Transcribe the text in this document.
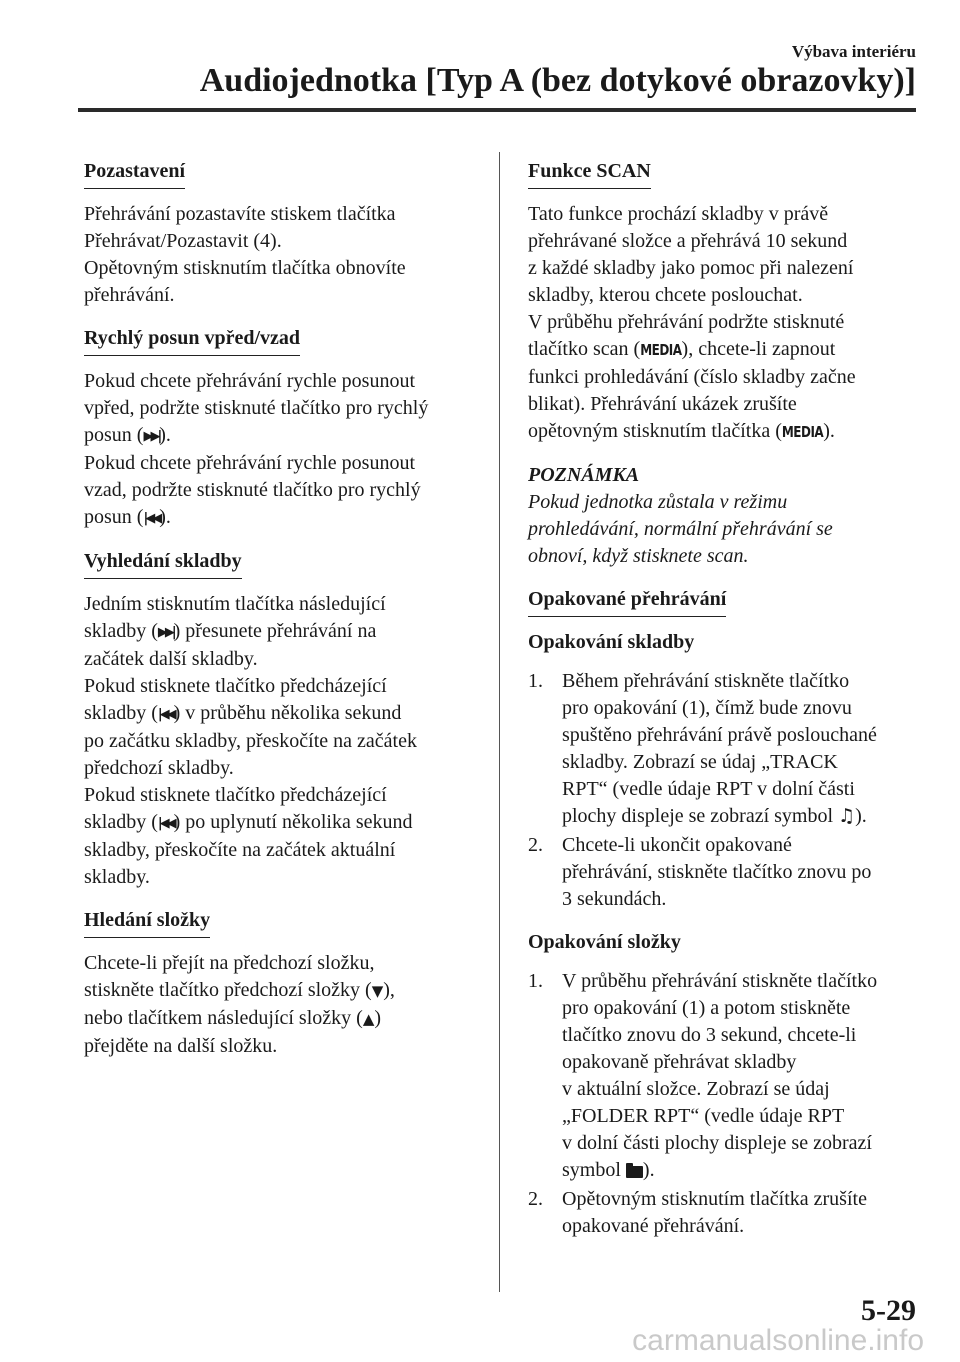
Výbava interiéru
Audiojednotka [Typ A (bez dotykové obrazovky)]
Pozastavení

Přehrávání pozastavíte stiskem tlačítka
Přehrávat/Pozastavit (4).
Opětovným stisknutím tlačítka obnovíte
přehrávání.

Rychlý posun vpřed/vzad

Pokud chcete přehrávání rychle posunout
vpřed, podržte stisknuté tlačítko pro rychlý
posun (▶▶|).
Pokud chcete přehrávání rychle posunout
vzad, podržte stisknuté tlačítko pro rychlý
posun (|◀◀).

Vyhledání skladby

Jedním stisknutím tlačítka následující
skladby (▶▶|) přesunete přehrávání na
začátek další skladby.
Pokud stisknete tlačítko předcházející
skladby (|◀◀) v průběhu několika sekund
po začátku skladby, přeskočíte na začátek
předchozí skladby.
Pokud stisknete tlačítko předcházející
skladby (|◀◀) po uplynutí několika sekund
skladby, přeskočíte na začátek aktuální
skladby.

Hledání složky

Chcete-li přejít na předchozí složku,
stiskněte tlačítko předchozí složky (▼),
nebo tlačítkem následující složky (▲)
přejděte na další složku.

Funkce SCAN

Tato funkce prochází skladby v právě
přehrávané složce a přehrává 10 sekund
z každé skladby jako pomoc při nalezení
skladby, kterou chcete poslouchat.
V průběhu přehrávání podržte stisknuté
tlačítko scan (MEDIA), chcete-li zapnout
funkci prohledávání (číslo skladby začne
blikat). Přehrávání ukázek zrušíte
opětovným stisknutím tlačítka (MEDIA).

POZNÁMKA

Pokud jednotka zůstala v režimu
prohledávání, normální přehrávání se
obnoví, když stisknete scan.

Opakované přehrávání
Opakování skladby
1. Během přehrávání stiskněte tlačítko
pro opakování (1), čímž bude znovu
spuštěno přehrávání právě poslouchané
skladby. Zobrazí se údaj „TRACK
RPT“ (vedle údaje RPT v dolní části
plochy displeje se zobrazí symbol ♫).
2. Chcete-li ukončit opakované
přehrávání, stiskněte tlačítko znovu po
3 sekundách.
Opakování složky
1. V průběhu přehrávání stiskněte tlačítko
pro opakování (1) a potom stiskněte
tlačítko znovu do 3 sekund, chcete-li
opakovaně přehrávat skladby
v aktuální složce. Zobrazí se údaj
„FOLDER RPT“ (vedle údaje RPT
v dolní části plochy displeje se zobrazí
symbol ).
2. Opětovným stisknutím tlačítka zrušíte
opakované přehrávání.
5-29
carmanualsonline.info
